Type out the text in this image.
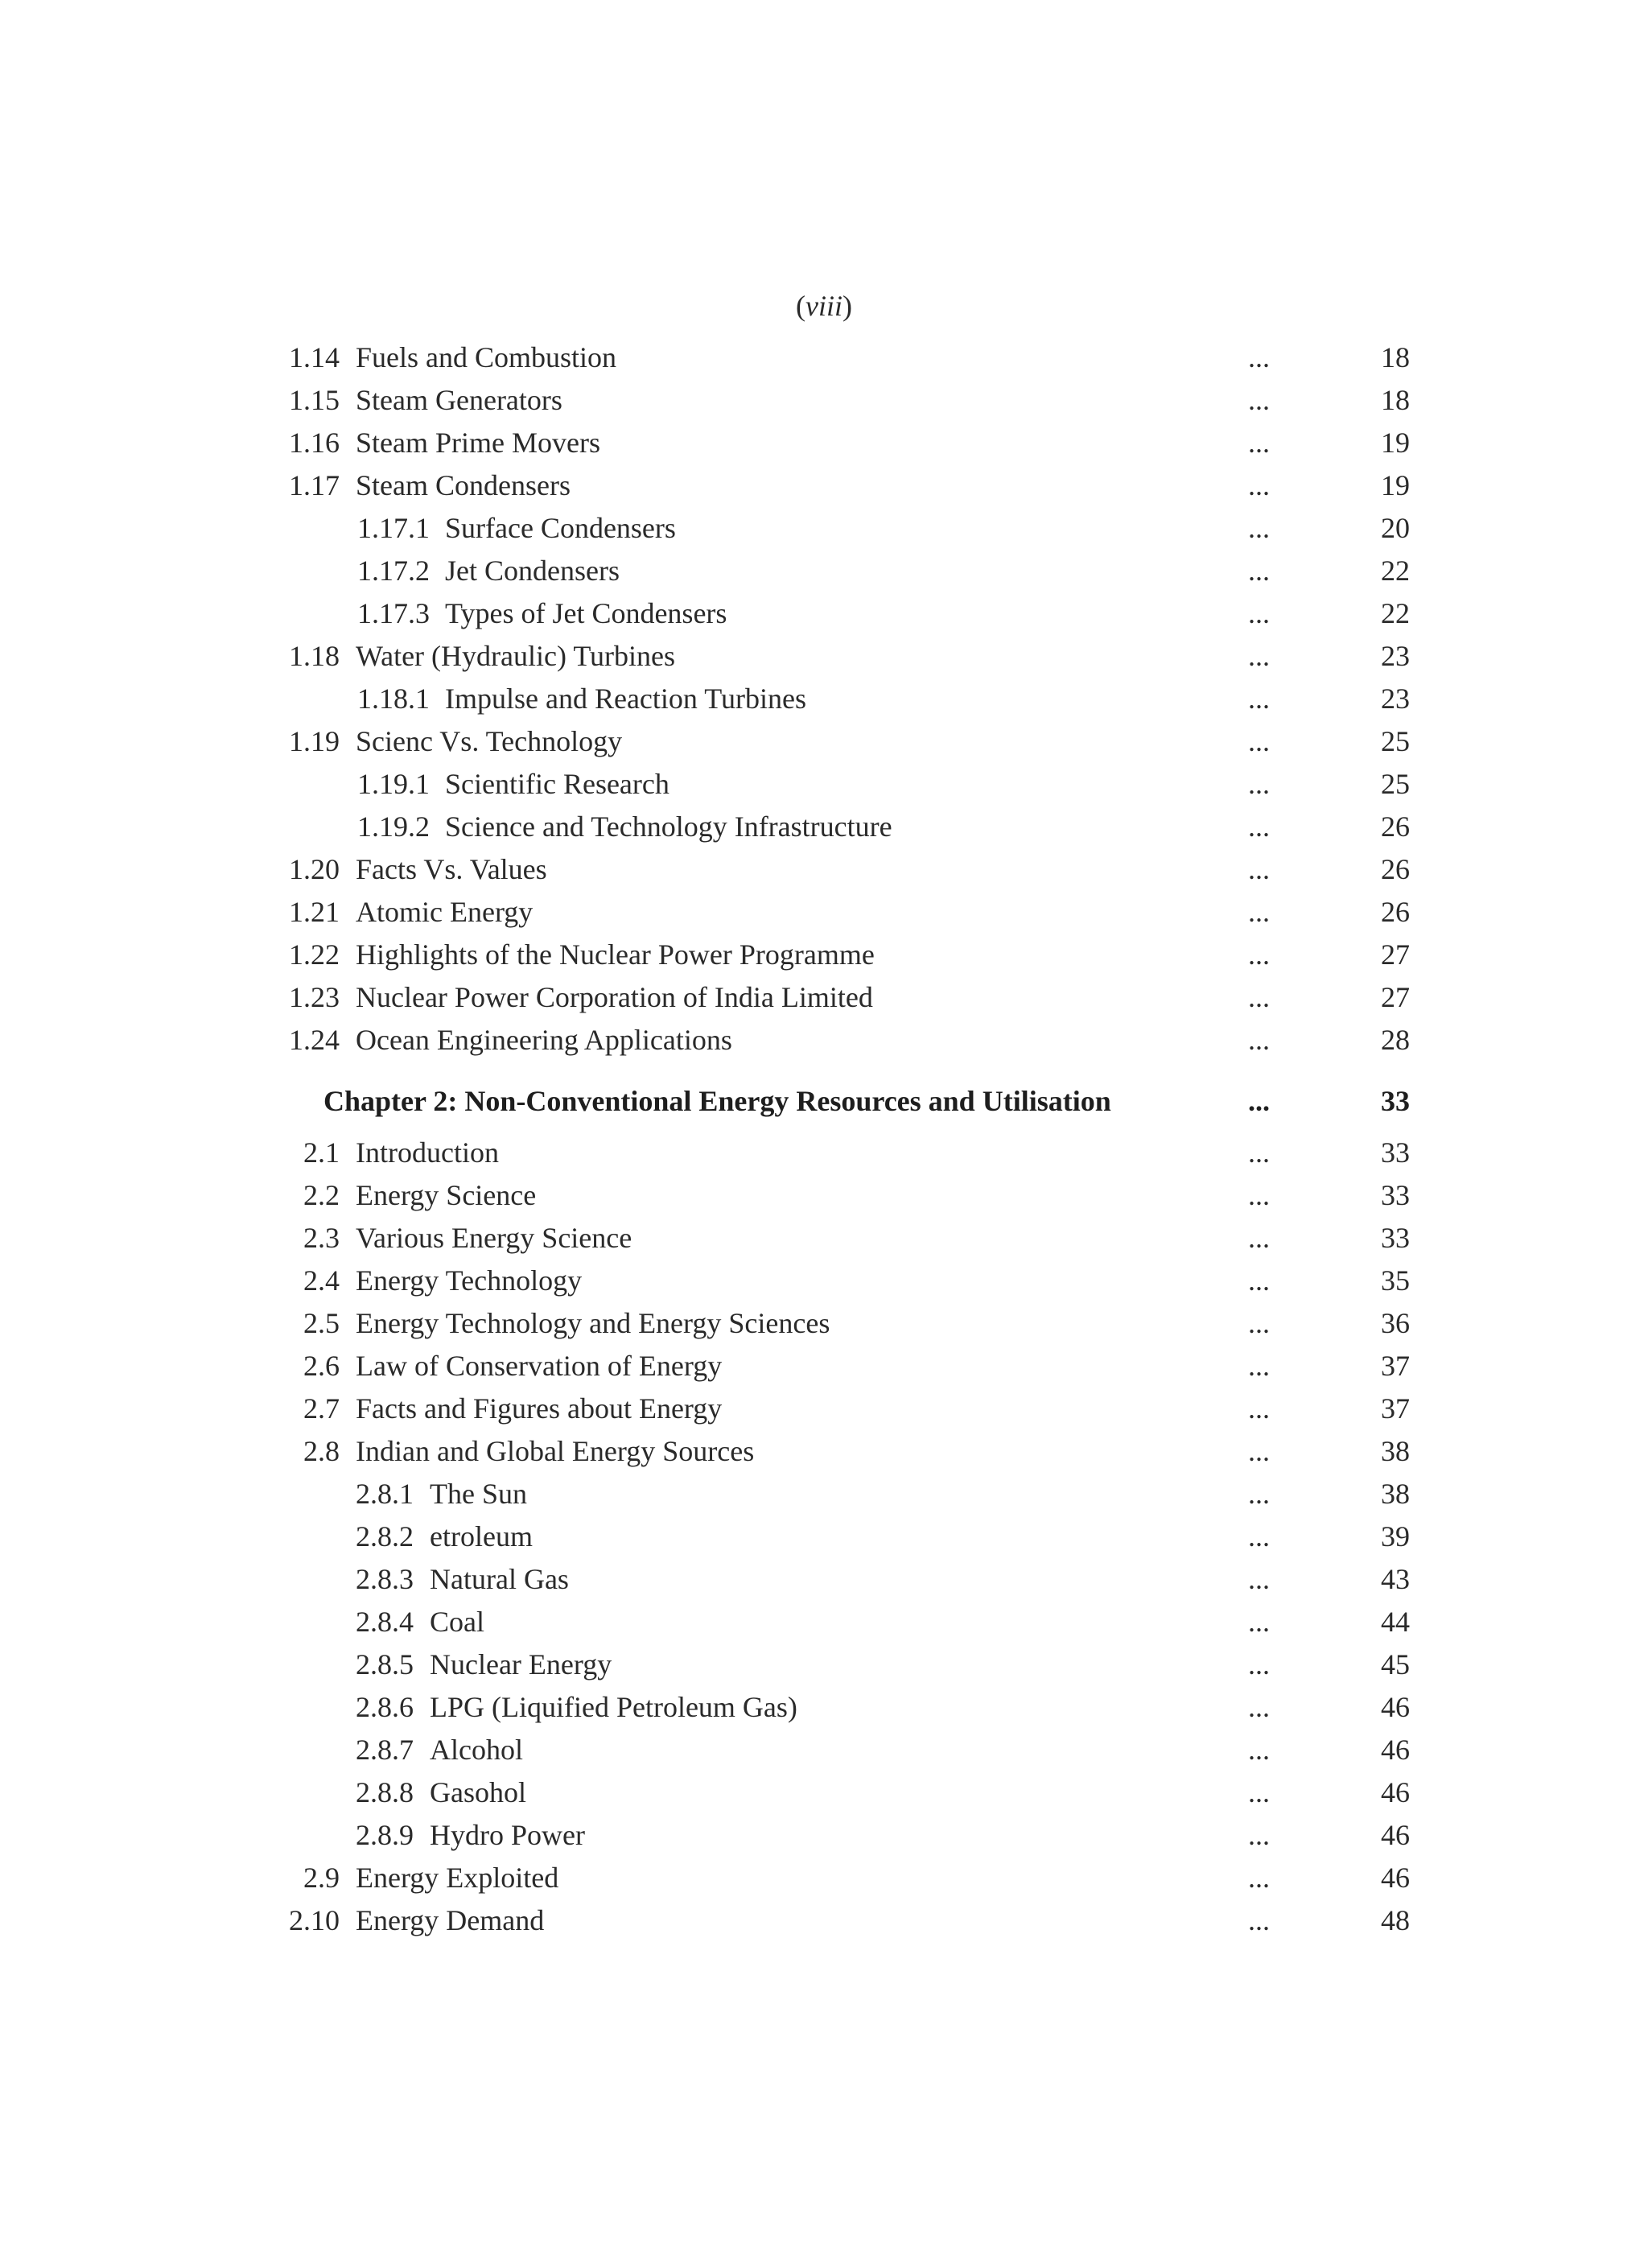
(viii)
1.14 Fuels and Combustion	...	18
1.15 Steam Generators	...	18
1.16 Steam Prime Movers	...	19
1.17 Steam Condensers	...	19
1.17.1 Surface Condensers	...	20
1.17.2 Jet Condensers	...	22
1.17.3 Types of Jet Condensers	...	22
1.18 Water (Hydraulic) Turbines	...	23
1.18.1 Impulse and Reaction Turbines	...	23
1.19 Scienc Vs. Technology	...	25
1.19.1 Scientific Research	...	25
1.19.2 Science and Technology Infrastructure	...	26
1.20 Facts Vs. Values	...	26
1.21 Atomic Energy	...	26
1.22 Highlights of the Nuclear Power Programme	...	27
1.23 Nuclear Power Corporation of India Limited	...	27
1.24 Ocean Engineering Applications	...	28
Chapter 2: Non-Conventional Energy Resources and Utilisation	...	33
2.1 Introduction	...	33
2.2 Energy Science	...	33
2.3 Various Energy Science	...	33
2.4 Energy Technology	...	35
2.5 Energy Technology and Energy Sciences	...	36
2.6 Law of Conservation of Energy	...	37
2.7 Facts and Figures about Energy	...	37
2.8 Indian and Global Energy Sources	...	38
2.8.1 The Sun	...	38
2.8.2 etroleum	...	39
2.8.3 Natural Gas	...	43
2.8.4 Coal	...	44
2.8.5 Nuclear Energy	...	45
2.8.6 LPG (Liquified Petroleum Gas)	...	46
2.8.7 Alcohol	...	46
2.8.8 Gasohol	...	46
2.8.9 Hydro Power	...	46
2.9 Energy Exploited	...	46
2.10 Energy Demand	...	48
